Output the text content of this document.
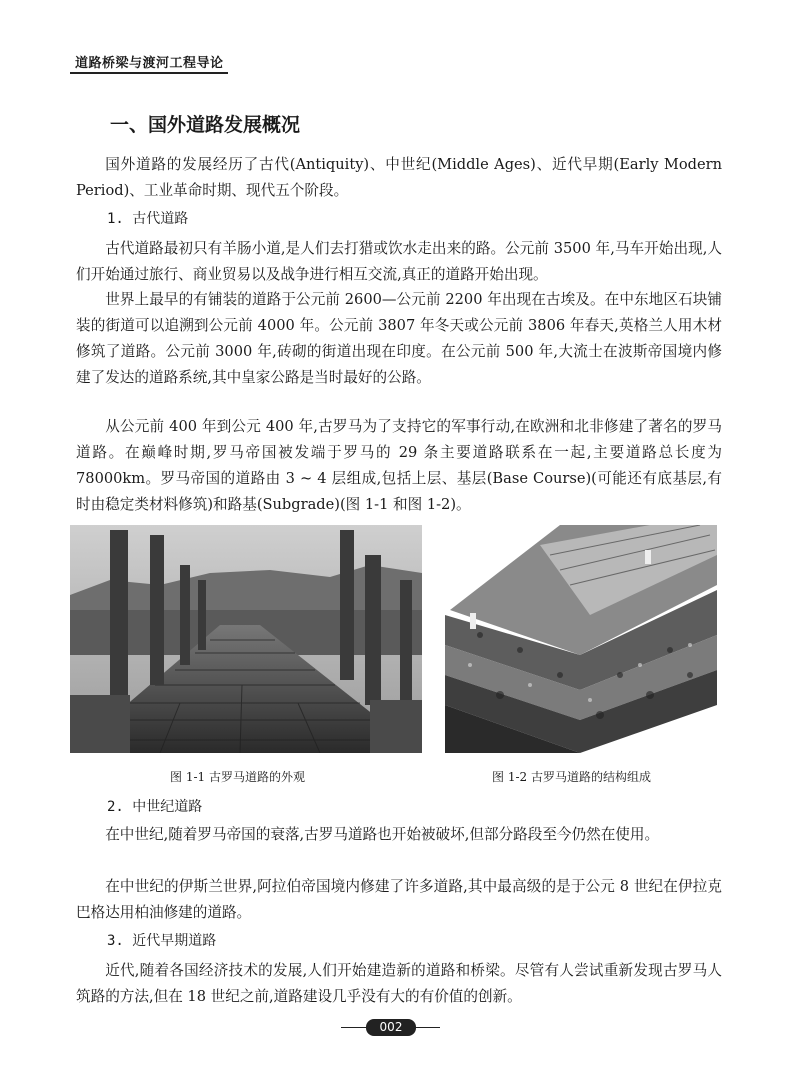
道路桥梁与渡河工程导论
一、国外道路发展概况

国外道路的发展经历了古代(Antiquity)、中世纪(Middle Ages)、近代早期(Early Modern Period)、工业革命时期、现代五个阶段。

1. 古代道路

古代道路最初只有羊肠小道,是人们去打猎或饮水走出来的路。公元前 3500 年,马车开始出现,人们开始通过旅行、商业贸易以及战争进行相互交流,真正的道路开始出现。

世界上最早的有铺装的道路于公元前 2600—公元前 2200 年出现在古埃及。在中东地区石块铺装的街道可以追溯到公元前 4000 年。公元前 3807 年冬天或公元前 3806 年春天,英格兰人用木材修筑了道路。公元前 3000 年,砖砌的街道出现在印度。在公元前 500 年,大流士在波斯帝国境内修建了发达的道路系统,其中皇家公路是当时最好的公路。

从公元前 400 年到公元 400 年,古罗马为了支持它的军事行动,在欧洲和北非修建了著名的罗马道路。在巅峰时期,罗马帝国被发端于罗马的 29 条主要道路联系在一起,主要道路总长度为 78000km。罗马帝国的道路由 3 ~ 4 层组成,包括上层、基层(Base Course)(可能还有底基层,有时由稳定类材料修筑)和路基(Subgrade)(图 1-1 和图 1-2)。

图 1-1 古罗马道路的外观	图 1-2 古罗马道路的结构组成
2. 中世纪道路

在中世纪,随着罗马帝国的衰落,古罗马道路也开始被破坏,但部分路段至今仍然在使用。

在中世纪的伊斯兰世界,阿拉伯帝国境内修建了许多道路,其中最高级的是于公元 8 世纪在伊拉克巴格达用柏油修建的道路。

3. 近代早期道路

近代,随着各国经济技术的发展,人们开始建造新的道路和桥梁。尽管有人尝试重新发现古罗马人筑路的方法,但在 18 世纪之前,道路建设几乎没有大的有价值的创新。

002
